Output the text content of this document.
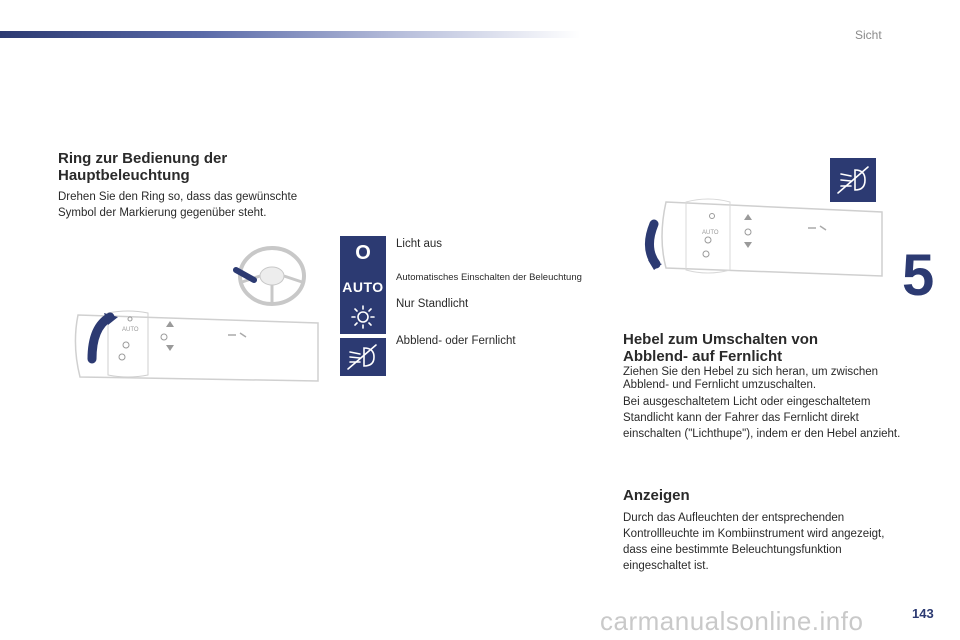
Sicht
5
Ring zur Bedienung der Hauptbeleuchtung
Drehen Sie den Ring so, dass das gewünschte Symbol der Markierung gegenüber steht.
AUTO
O Licht aus
AUTO
Automatisches Einschalten der Beleuchtung
Nur Standlicht
Abblend- oder Fernlicht
AUTO
Hebel zum Umschalten von Abblend- auf Fernlicht
Ziehen Sie den Hebel zu sich heran, um zwischen Abblend- und Fernlicht umzuschalten.
Bei ausgeschaltetem Licht oder eingeschaltetem Standlicht kann der Fahrer das Fernlicht direkt einschalten ("Lichthupe"), indem er den Hebel anzieht.
Anzeigen
Durch das Aufleuchten der entsprechenden Kontrollleuchte im Kombiinstrument wird angezeigt, dass eine bestimmte Beleuchtungsfunktion eingeschaltet ist.
carmanualsonline.info	143
